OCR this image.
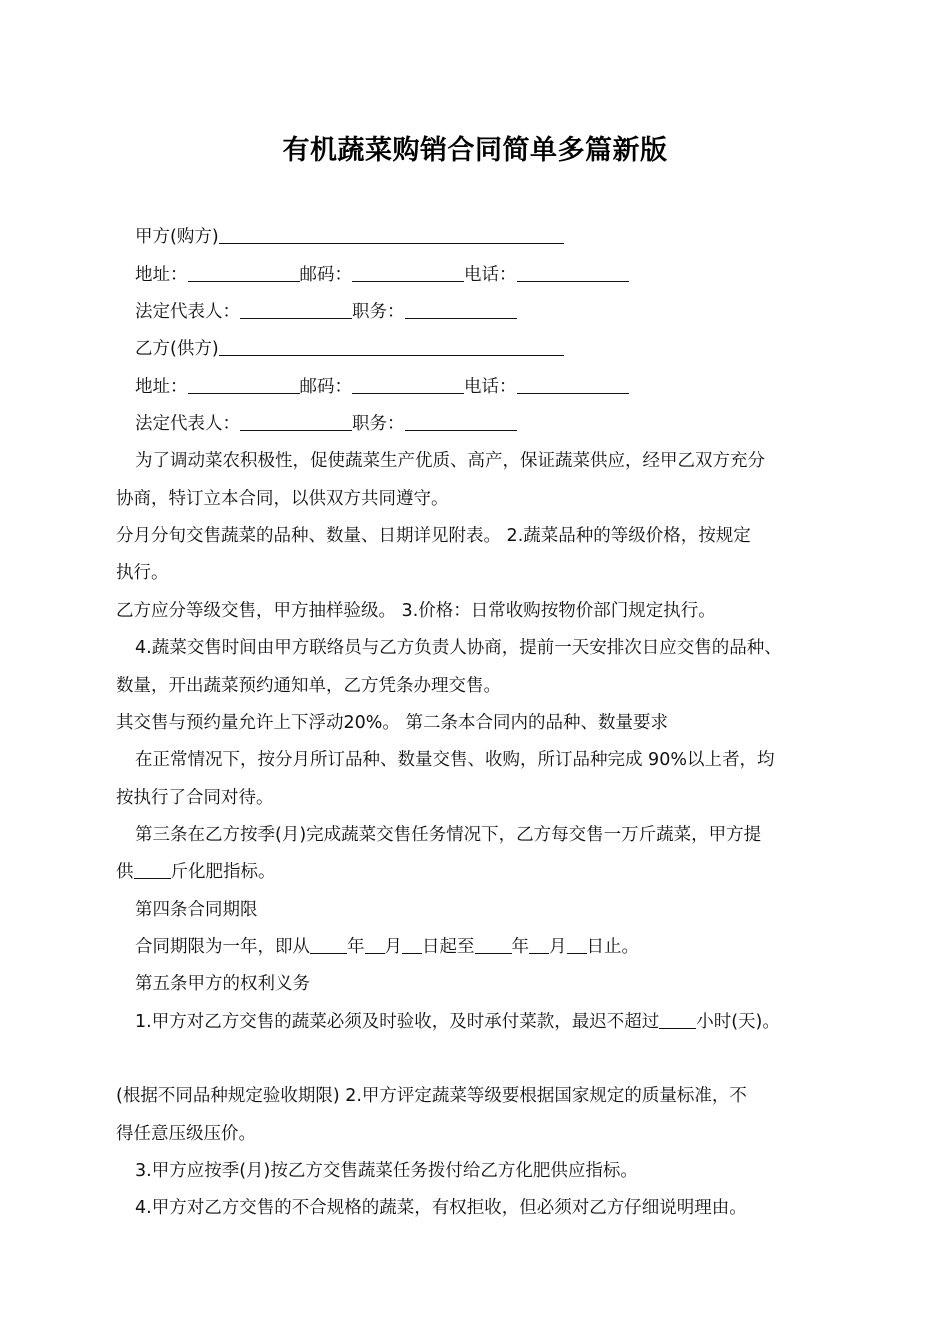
有机蔬菜购销合同简单多篇新版
甲方(购方)
地址：	邮码：	电话：
法定代表人：	职务：
乙方(供方)
地址：	邮码：	电话：
法定代表人：	职务：
为了调动菜农积极性，促使蔬菜生产优质、高产，保证蔬菜供应，经甲乙双方充分
协商，特订立本合同，以供双方共同遵守。
分月分旬交售蔬菜的品种、数量、日期详见附表。 2.蔬菜品种的等级价格，按规定
执行。
乙方应分等级交售，甲方抽样验级。 3.价格：日常收购按物价部门规定执行。
4.蔬菜交售时间由甲方联络员与乙方负责人协商，提前一天安排次日应交售的品种、
数量，开出蔬菜预约通知单，乙方凭条办理交售。
其交售与预约量允许上下浮动20%。 第二条本合同内的品种、数量要求
在正常情况下，按分月所订品种、数量交售、收购，所订品种完成 90%以上者，均
按执行了合同对待。
第三条在乙方按季(月)完成蔬菜交售任务情况下，乙方每交售一万斤蔬菜，甲方提
供 斤化肥指标。
第四条合同期限
合同期限为一年，即从 年 月 日起至 年 月 日止。
第五条甲方的权利义务
1.甲方对乙方交售的蔬菜必须及时验收，及时承付菜款，最迟不超过 小时(天)。
(根据不同品种规定验收期限) 2.甲方评定蔬菜等级要根据国家规定的质量标准，不
得任意压级压价。
3.甲方应按季(月)按乙方交售蔬菜任务拨付给乙方化肥供应指标。
4.甲方对乙方交售的不合规格的蔬菜，有权拒收，但必须对乙方仔细说明理由。
